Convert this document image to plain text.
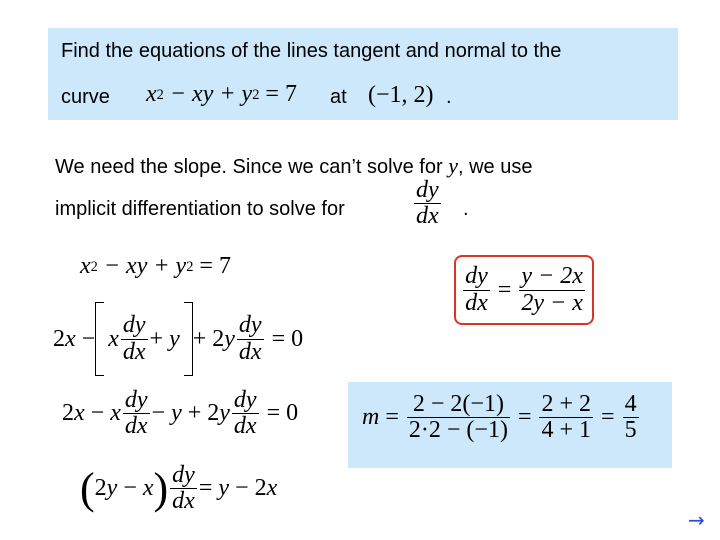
Find the equations of the lines tangent and normal to the
curve x 2 − xy + y 2 = 7 at (−1, 2) .
We need the slope. Since we can’t solve for y, we use
implicit differentiation to solve for	$\frac{dy}{dx}$ .
x 2 − xy + y 2 = 7
2x − x $\frac{dy}{dx} + y + 2y \frac{dy}{dx} = 0$
2x − x $\frac{dy}{dx} - y + 2y \frac{dy}{dx} = 0$
( 2y − x ) $\frac{dy}{dx} = y - 2x$
$\frac{dy}{dx} = \frac{y - 2x}{2y - x}$
$m = \frac{2 - 2(-1)}{2\cdot 2 - (-1)} = \frac{2 + 2}{4 + 1} = \frac{4}{5}$
→
